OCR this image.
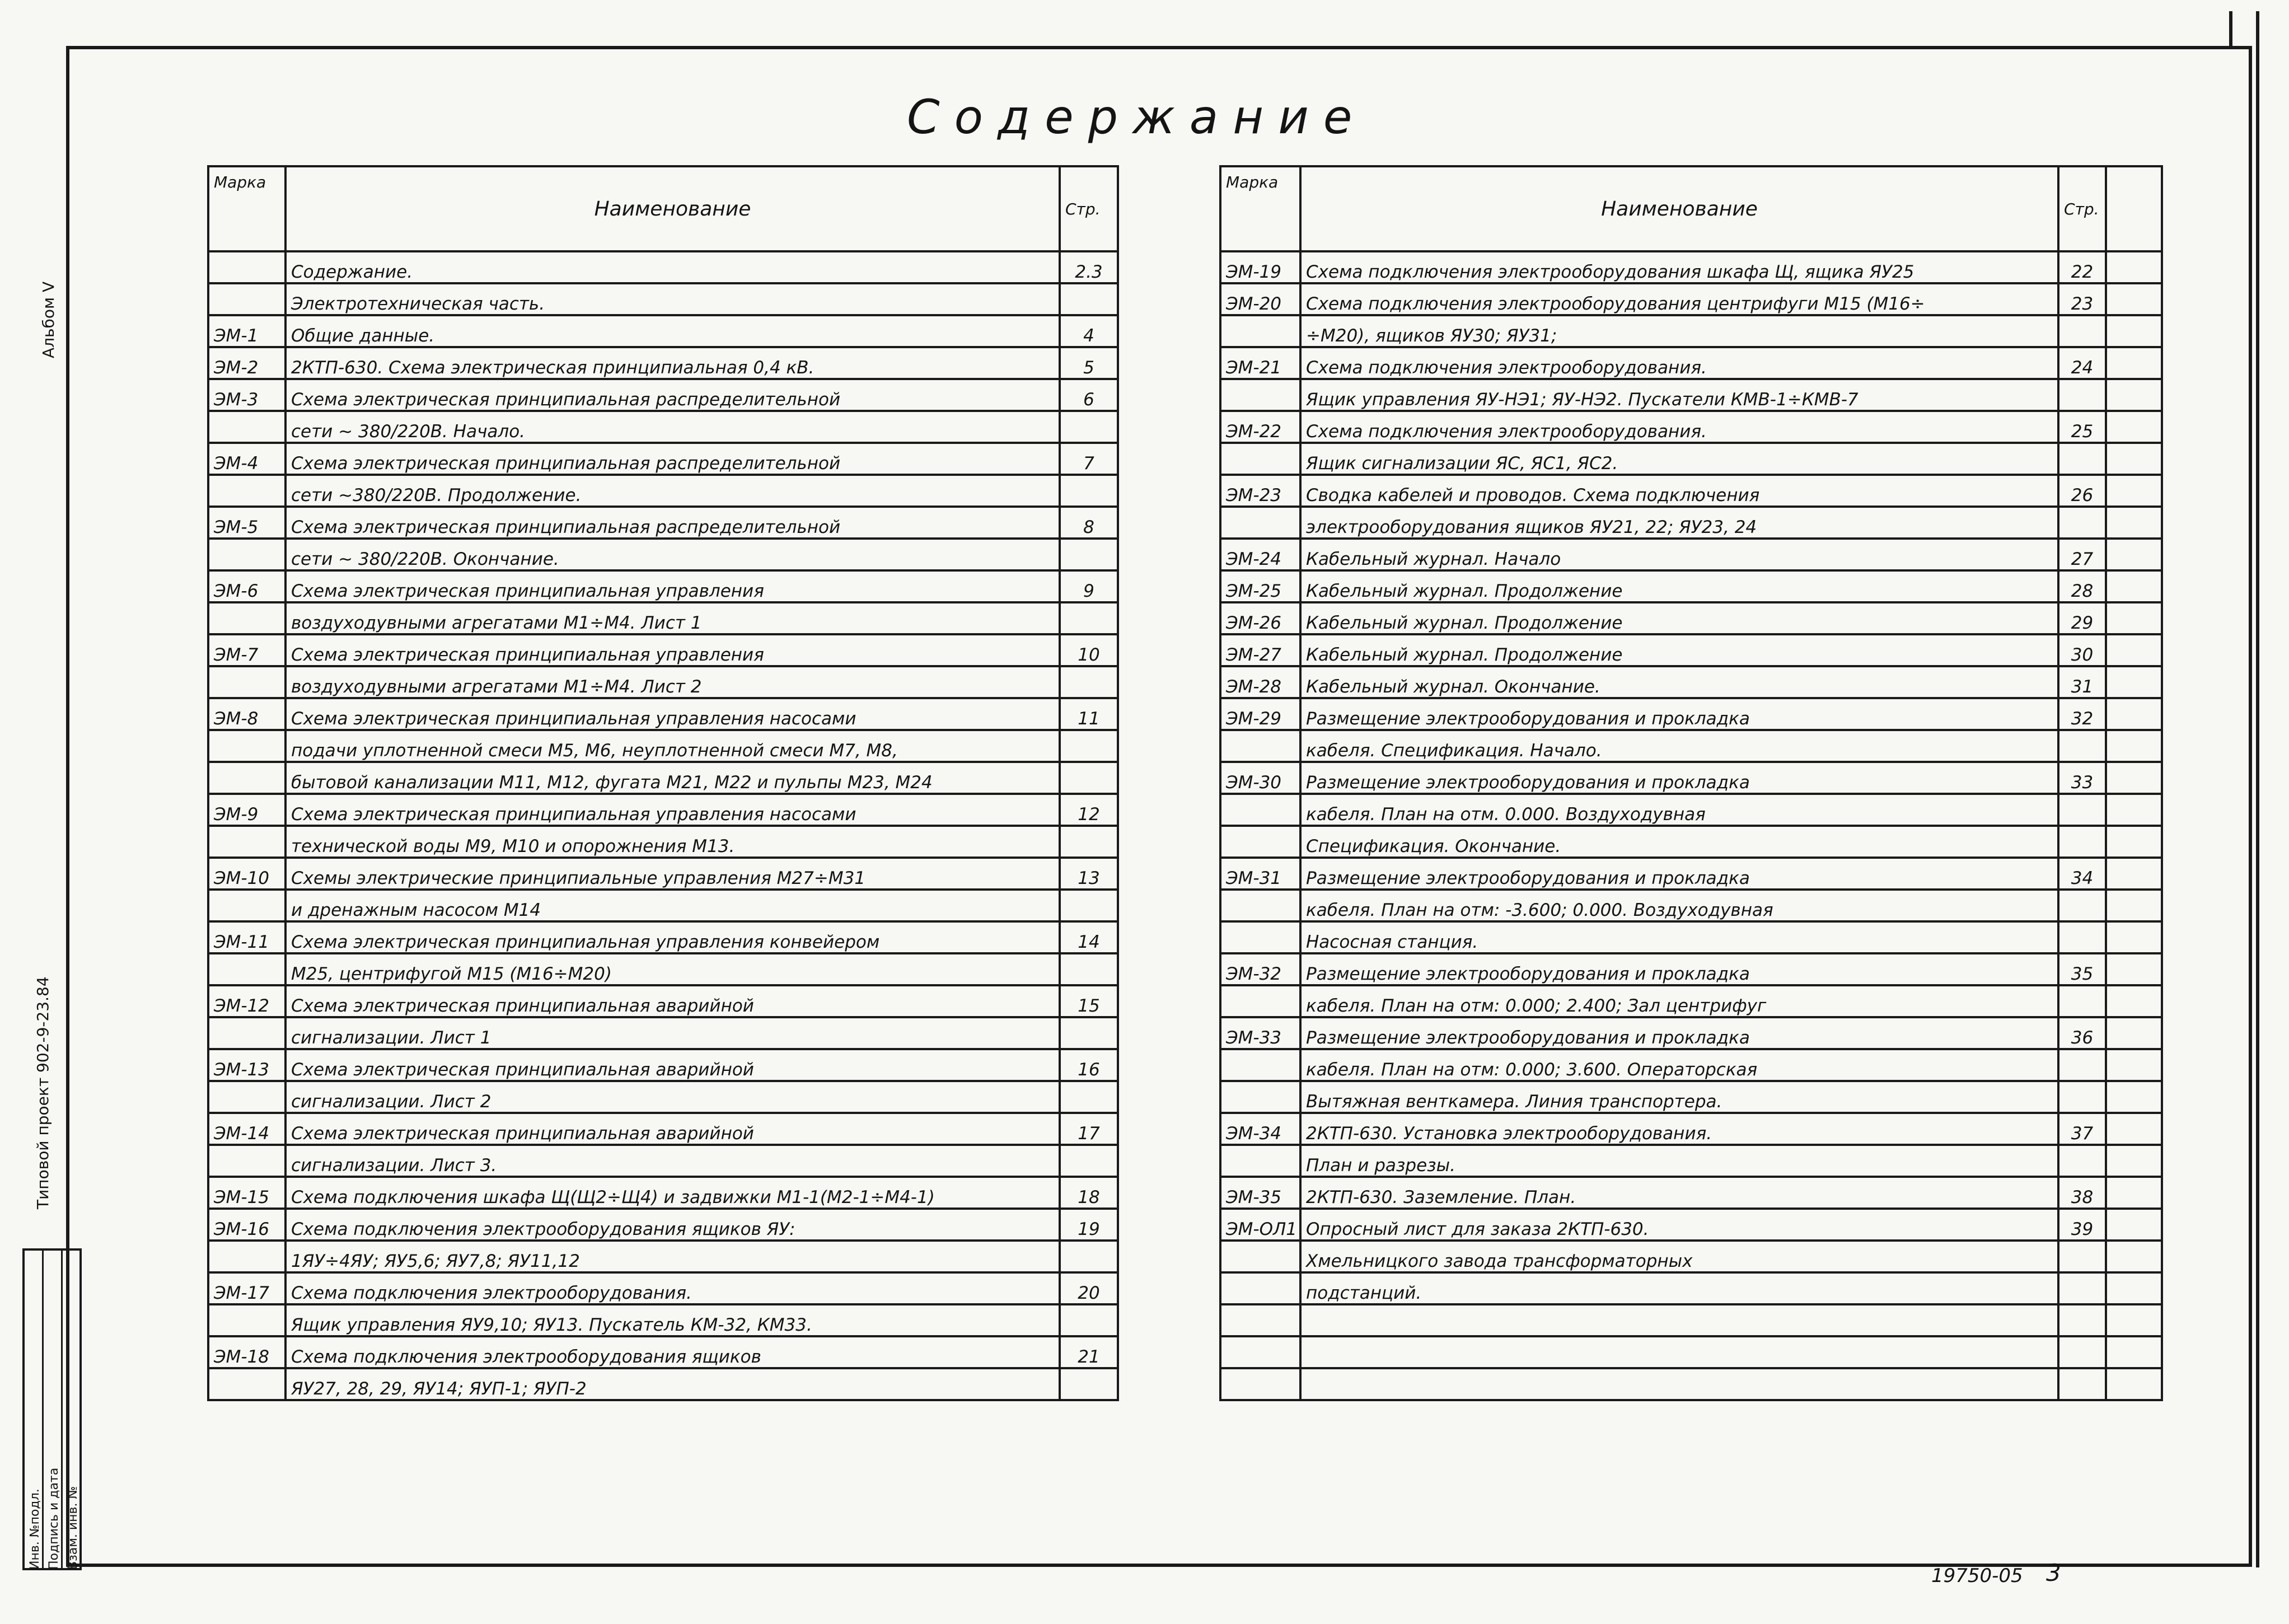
Содержание
Альбом V
Типовой проект 902-9-23.84
Инв. №подл. Подпись и дата Взам. инв. №
Марка	Наименование	Стр.
	Содержание.	2.3
	Электротехническая часть.	
ЭМ-1	Общие данные.	4
ЭМ-2	2КТП-630. Схема электрическая принципиальная 0,4 кВ.	5
ЭМ-3	Схема электрическая принципиальная распределительной	6
	сети ~ 380/220В. Начало.	
ЭМ-4	Схема электрическая принципиальная распределительной	7
	сети ~380/220В. Продолжение.	
ЭМ-5	Схема электрическая принципиальная распределительной	8
	сети ~ 380/220В. Окончание.	
ЭМ-6	Схема электрическая принципиальная управления	9
	воздуходувными агрегатами М1÷М4. Лист 1	
ЭМ-7	Схема электрическая принципиальная управления	10
	воздуходувными агрегатами М1÷М4. Лист 2	
ЭМ-8	Схема электрическая принципиальная управления насосами	11
	подачи уплотненной смеси М5, М6, неуплотненной смеси М7, М8,	
	бытовой канализации М11, М12, фугата М21, М22 и пульпы М23, М24	
ЭМ-9	Схема электрическая принципиальная управления насосами	12
	технической воды М9, М10 и опорожнения М13.	
ЭМ-10	Схемы электрические принципиальные управления М27÷М31	13
	и дренажным насосом М14	
ЭМ-11	Схема электрическая принципиальная управления конвейером	14
	М25, центрифугой М15 (М16÷М20)	
ЭМ-12	Схема электрическая принципиальная аварийной	15
	сигнализации. Лист 1	
ЭМ-13	Схема электрическая принципиальная аварийной	16
	сигнализации. Лист 2	
ЭМ-14	Схема электрическая принципиальная аварийной	17
	сигнализации. Лист 3.	
ЭМ-15	Схема подключения шкафа Щ(Щ2÷Щ4) и задвижки М1-1(М2-1÷М4-1)	18
ЭМ-16	Схема подключения электрооборудования ящиков ЯУ:	19
	1ЯУ÷4ЯУ; ЯУ5,6; ЯУ7,8; ЯУ11,12	
ЭМ-17	Схема подключения электрооборудования.	20
	Ящик управления ЯУ9,10; ЯУ13. Пускатель КМ-32, КМ33.	
ЭМ-18	Схема подключения электрооборудования ящиков	21
	ЯУ27, 28, 29, ЯУ14; ЯУП-1; ЯУП-2	
Марка	Наименование	Стр.	
ЭМ-19	Схема подключения электрооборудования шкафа Щ, ящика ЯУ25	22	
ЭМ-20	Схема подключения электрооборудования центрифуги М15 (М16÷	23	
	÷М20), ящиков ЯУ30; ЯУ31;		
ЭМ-21	Схема подключения электрооборудования.	24	
	Ящик управления ЯУ-НЭ1; ЯУ-НЭ2. Пускатели КМВ-1÷КМВ-7		
ЭМ-22	Схема подключения электрооборудования.	25	
	Ящик сигнализации ЯС, ЯС1, ЯС2.		
ЭМ-23	Сводка кабелей и проводов. Схема подключения	26	
	электрооборудования ящиков ЯУ21, 22; ЯУ23, 24		
ЭМ-24	Кабельный журнал. Начало	27	
ЭМ-25	Кабельный журнал. Продолжение	28	
ЭМ-26	Кабельный журнал. Продолжение	29	
ЭМ-27	Кабельный журнал. Продолжение	30	
ЭМ-28	Кабельный журнал. Окончание.	31	
ЭМ-29	Размещение электрооборудования и прокладка	32	
	кабеля. Спецификация. Начало.		
ЭМ-30	Размещение электрооборудования и прокладка	33	
	кабеля. План на отм. 0.000. Воздуходувная		
	Спецификация. Окончание.		
ЭМ-31	Размещение электрооборудования и прокладка	34	
	кабеля. План на отм: -3.600; 0.000. Воздуходувная		
	Насосная станция.		
ЭМ-32	Размещение электрооборудования и прокладка	35	
	кабеля. План на отм: 0.000; 2.400; Зал центрифуг		
ЭМ-33	Размещение электрооборудования и прокладка	36	
	кабеля. План на отм: 0.000; 3.600. Операторская		
	Вытяжная венткамера. Линия транспортера.		
ЭМ-34	2КТП-630. Установка электрооборудования.	37	
	План и разрезы.		
ЭМ-35	2КТП-630. Заземление. План.	38	
ЭМ-ОЛ1	Опросный лист для заказа 2КТП-630.	39	
	Хмельницкого завода трансформаторных		
	подстанций.		

19750-05 3
